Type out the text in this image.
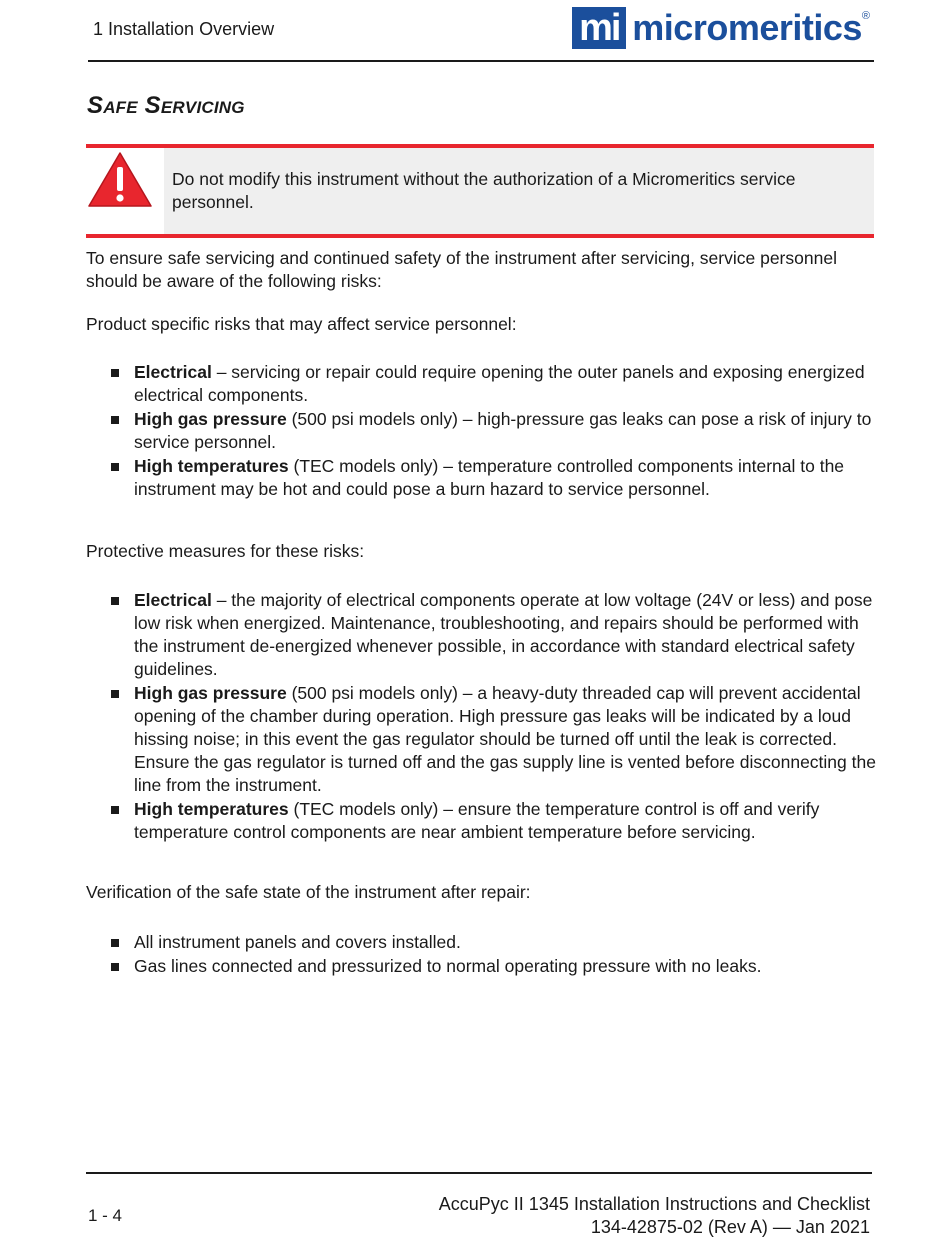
1 Installation Overview	mi micromeritics ®
Safe Servicing
Do not modify this instrument without the authorization of a Micromeritics service personnel.

To ensure safe servicing and continued safety of the instrument after servicing, service personnel should be aware of the following risks:

Product specific risks that may affect service personnel:

Electrical – servicing or repair could require opening the outer panels and exposing energized electrical components.
High gas pressure (500 psi models only) – high-pressure gas leaks can pose a risk of injury to service personnel.
High temperatures (TEC models only) – temperature controlled components internal to the instrument may be hot and could pose a burn hazard to service personnel.

Protective measures for these risks:

Electrical – the majority of electrical components operate at low voltage (24V or less) and pose low risk when energized. Maintenance, troubleshooting, and repairs should be performed with the instrument de-energized whenever possible, in accordance with standard electrical safety guidelines.
High gas pressure (500 psi models only) – a heavy-duty threaded cap will prevent accidental opening of the chamber during operation. High pressure gas leaks will be indicated by a loud hissing noise; in this event the gas regulator should be turned off until the leak is corrected. Ensure the gas regulator is turned off and the gas supply line is vented before disconnecting the line from the instrument.
High temperatures (TEC models only) – ensure the temperature control is off and verify temperature control components are near ambient temperature before servicing.

Verification of the safe state of the instrument after repair:

All instrument panels and covers installed.
Gas lines connected and pressurized to normal operating pressure with no leaks.
1 - 4
AccuPyc II 1345 Installation Instructions and Checklist
134-42875-02 (Rev A) — Jan 2021
